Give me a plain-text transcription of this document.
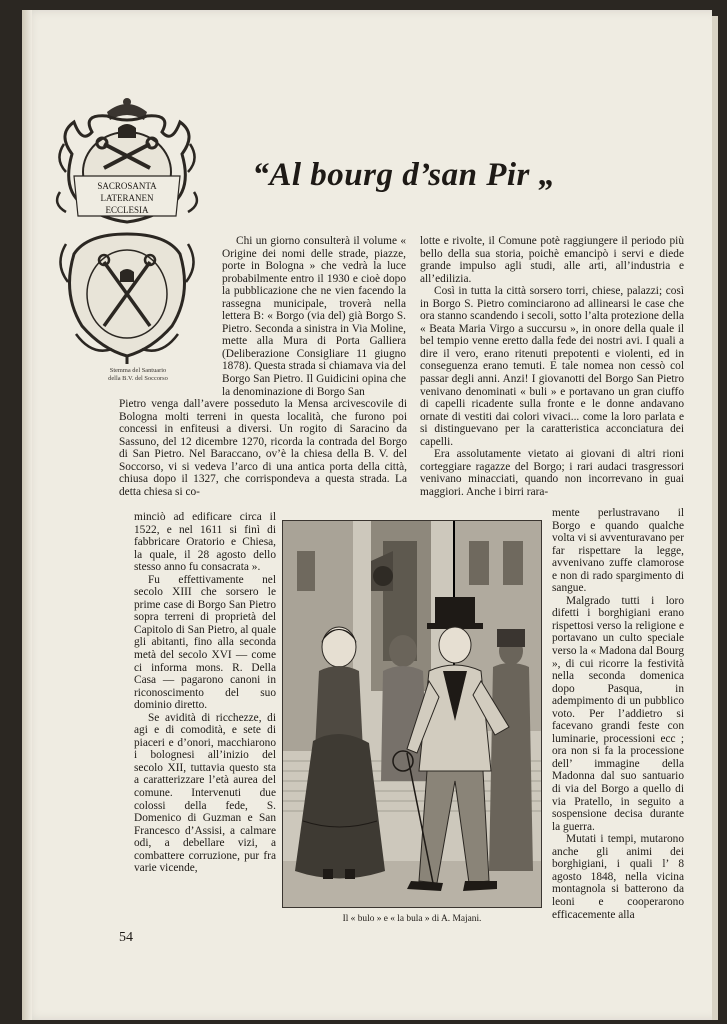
SACROSANTA
LATERANEN
ECCLESIA
Stemma del Santuario
della B.V. del Soccorso
“Al bourg d’san Pir „

Chi un giorno consulterà il volume « Origine dei nomi delle strade, piazze, porte in Bologna » che vedrà la luce probabilmente entro il 1930 e cioè dopo la pubblicazione che ne vien facendo la rassegna municipale, troverà nella lettera B: « Borgo (via del) già Borgo S. Pietro. Seconda a sinistra in Via Moline, mette alla Mura di Porta Galliera (Deliberazione Consigliare 11 giugno 1878). Questa strada si chiamava via del Borgo San Pietro. Il Guidicini opina che la denominazione di Borgo San

Pietro venga dall’avere posseduto la Mensa arcivescovile di Bologna molti terreni in questa località, che furono poi concessi in enfiteusi a diversi. Un rogito di Saracino da Sassuno, del 12 dicembre 1270, ricorda la contrada del Borgo di San Pietro. Nel Baraccano, ov’è la chiesa della B. V. del Soccorso, vi si vedeva l’arco di una antica porta della città, chiusa dopo il 1327, che corrispondeva a questa strada. La detta chiesa si co-

minciò ad edificare circa il 1522, e nel 1611 si finì di fabbricare Oratorio e Chiesa, la quale, il 28 agosto dello stesso anno fu consacrata ».

Fu effettivamente nel secolo XIII che sorsero le prime case di Borgo San Pietro sopra terreni di proprietà del Capitolo di San Pietro, al quale gli abitanti, fino alla seconda metà del secolo XVI — come ci informa mons. R. Della Casa — pagarono canoni in riconoscimento del suo dominio diretto.

Se avidità di ricchezze, di agi e di comodità, e sete di piaceri e d’onori, macchiarono i bolognesi all’inizio del secolo XII, tuttavia questo sta a caratterizzare l’età aurea del comune. Intervenuti due colossi della fede, S. Domenico di Guzman e San Francesco d’Assisi, a calmare odi, a debellare vizi, a combattere corruzione, pur fra varie vicende,

lotte e rivolte, il Comune potè raggiungere il periodo più bello della sua storia, poichè emancipò i servi e diede grande impulso agli studi, alle arti, all’industria e all’edilizia.

Così in tutta la città sorsero torri, chiese, palazzi; così in Borgo S. Pietro cominciarono ad allinearsi le case che ora stanno scandendo i secoli, sotto l’alta protezione della « Beata Maria Virgo a succursu », in onore della quale il bel tempio venne eretto dalla fede dei nostri avi. I quali a dire il vero, erano ritenuti prepotenti e violenti, ed in conseguenza erano temuti. E tale nomea non cessò col passar degli anni. Anzi! I giovanotti del Borgo San Pietro venivano denominati « buli » e portavano un gran ciuffo di capelli ricadente sulla fronte e le donne andavano ornate di vestiti dai colori vivaci... come la loro parlata e si distinguevano per la caratteristica acconciatura dei capelli.

Era assolutamente vietato ai giovani di altri rioni corteggiare ragazze del Borgo; i rari audaci trasgressori venivano minacciati, quando non incorrevano in guai maggiori. Anche i birri rara-

mente perlustravano il Borgo e quando qualche volta vi si avventuravano per far rispettare la legge, avvenivano zuffe clamorose e non di rado spargimento di sangue.

Malgrado tutti i loro difetti i borghigiani erano rispettosi verso la religione e portavano un culto speciale verso la « Madona dal Bourg », di cui ricorre la festività nella seconda domenica dopo Pasqua, in adempimento di un pubblico voto. Per l’addietro si facevano grandi feste con luminarie, processioni ecc ; ora non si fa la processione dell’ immagine della Madonna dal suo santuario di via del Borgo a quello di via Pratello, in seguito a sospensione decisa durante la guerra.

Mutati i tempi, mutarono anche gli animi dei borghigiani, i quali l’ 8 agosto 1848, nella vicina montagnola si batterono da leoni e cooperarono efficacemente alla

Il « bulo » e « la bula » di A. Majani.
54
